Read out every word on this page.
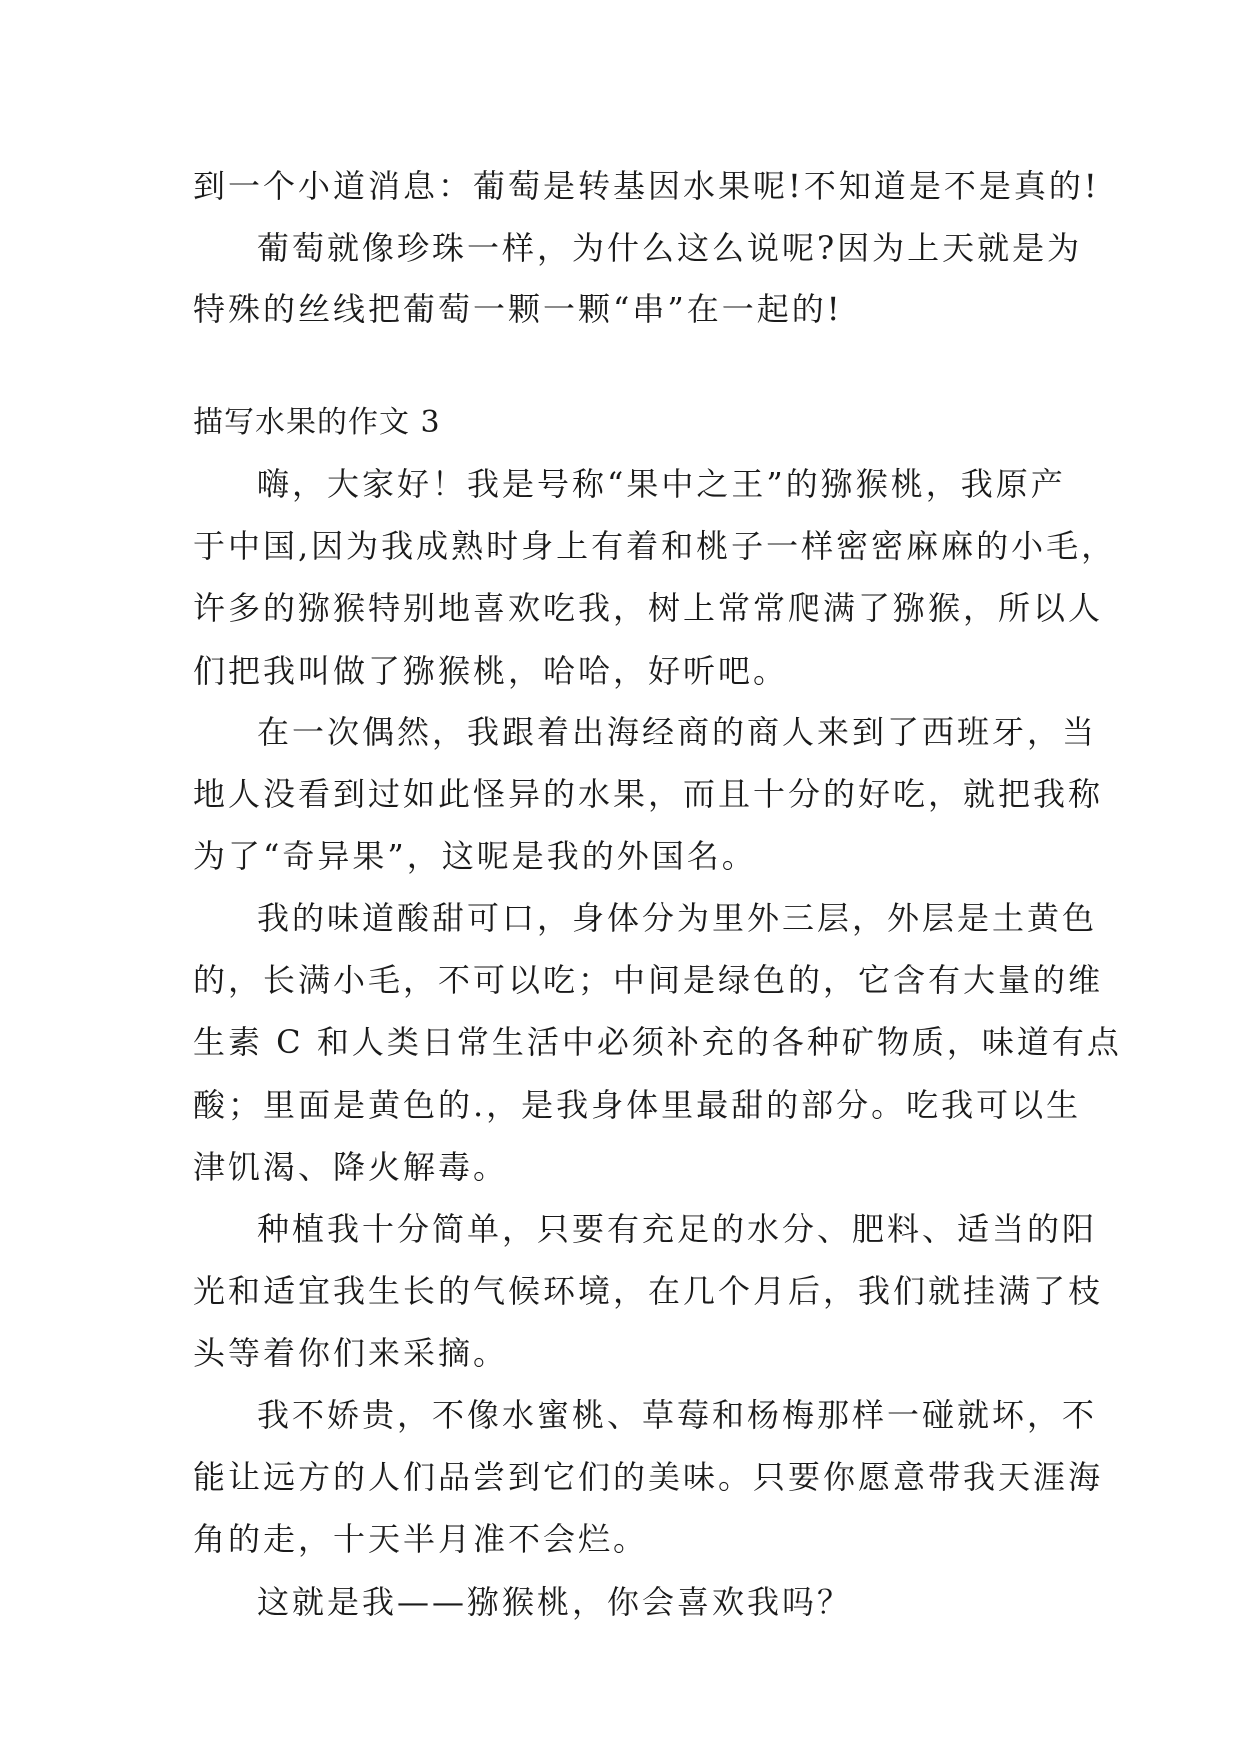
到一个小道消息：葡萄是转基因水果呢!不知道是不是真的!
葡萄就像珍珠一样，为什么这么说呢?因为上天就是为
特殊的丝线把葡萄一颗一颗“串”在一起的!
描写水果的作文 3
嗨，大家好！我是号称“果中之王”的猕猴桃，我原产
于中国,因为我成熟时身上有着和桃子一样密密麻麻的小毛，
许多的猕猴特别地喜欢吃我，树上常常爬满了猕猴，所以人
们把我叫做了猕猴桃，哈哈，好听吧。
在一次偶然，我跟着出海经商的商人来到了西班牙，当
地人没看到过如此怪异的水果，而且十分的好吃，就把我称
为了“奇异果”，这呢是我的外国名。
我的味道酸甜可口，身体分为里外三层，外层是土黄色
的，长满小毛，不可以吃；中间是绿色的，它含有大量的维
生素 C 和人类日常生活中必须补充的各种矿物质，味道有点
酸；里面是黄色的.，是我身体里最甜的部分。吃我可以生
津饥渴、降火解毒。
种植我十分简单，只要有充足的水分、肥料、适当的阳
光和适宜我生长的气候环境，在几个月后，我们就挂满了枝
头等着你们来采摘。
我不娇贵，不像水蜜桃、草莓和杨梅那样一碰就坏，不
能让远方的人们品尝到它们的美味。只要你愿意带我天涯海
角的走，十天半月准不会烂。
这就是我——猕猴桃，你会喜欢我吗？
